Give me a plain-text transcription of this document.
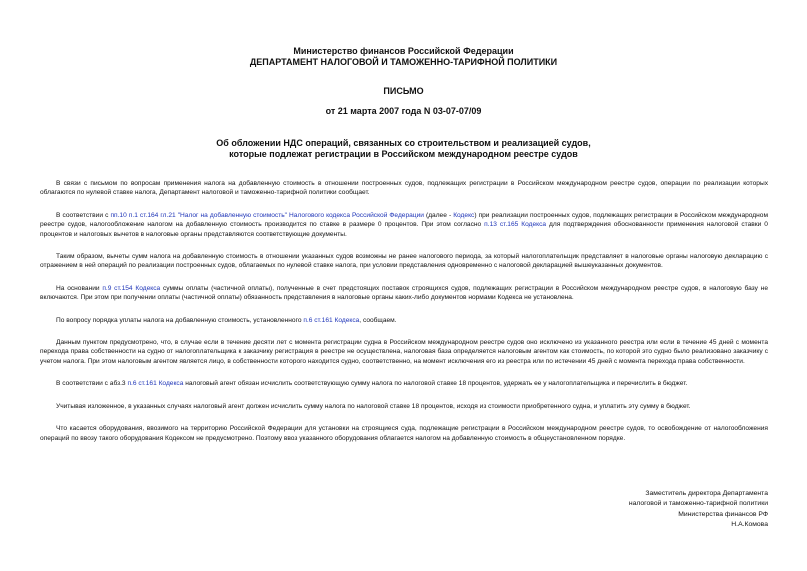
Министерство финансов Российской Федерации
ДЕПАРТАМЕНТ НАЛОГОВОЙ И ТАМОЖЕННО-ТАРИФНОЙ ПОЛИТИКИ
ПИСЬМО
от 21 марта 2007 года N 03-07-07/09
Об обложении НДС операций, связанных со строительством и реализацией судов,
которые подлежат регистрации в Российском международном реестре судов

В связи с письмом по вопросам применения налога на добавленную стоимость в отношении построенных судов, подлежащих регистрации в Российском международном реестре судов, операции по реализации которых облагаются по нулевой ставке налога, Департамент налоговой и таможенно-тарифной политики сообщает.

В соответствии с пп.10 п.1 ст.164 гл.21 "Налог на добавленную стоимость" Налогового кодекса Российской Федерации (далее - Кодекс) при реализации построенных судов, подлежащих регистрации в Российском международном реестре судов, налогообложение налогом на добавленную стоимость производится по ставке в размере 0 процентов. При этом согласно п.13 ст.165 Кодекса для подтверждения обоснованности применения налоговой ставки 0 процентов и налоговых вычетов в налоговые органы представляются соответствующие документы.

Таким образом, вычеты сумм налога на добавленную стоимость в отношении указанных судов возможны не ранее налогового периода, за который налогоплательщик представляет в налоговые органы налоговую декларацию с отражением в ней операций по реализации построенных судов, облагаемых по нулевой ставке налога, при условии представления одновременно с налоговой декларацией вышеуказанных документов.

На основании п.9 ст.154 Кодекса суммы оплаты (частичной оплаты), полученные в счет предстоящих поставок строящихся судов, подлежащих регистрации в Российском международном реестре судов, в налоговую базу не включаются. При этом при получении оплаты (частичной оплаты) обязанность представления в налоговые органы каких-либо документов нормами Кодекса не установлена.

По вопросу порядка уплаты налога на добавленную стоимость, установленного п.6 ст.161 Кодекса, сообщаем.

Данным пунктом предусмотрено, что, в случае если в течение десяти лет с момента регистрации судна в Российском международном реестре судов оно исключено из указанного реестра или если в течение 45 дней с момента перехода права собственности на судно от налогоплательщика к заказчику регистрация в реестре не осуществлена, налоговая база определяется налоговым агентом как стоимость, по которой это судно было реализовано заказчику с учетом налога. При этом налоговым агентом является лицо, в собственности которого находится судно, соответственно, на момент исключения его из реестра или по истечении 45 дней с момента перехода права собственности.

В соответствии с абз.3 п.6 ст.161 Кодекса налоговый агент обязан исчислить соответствующую сумму налога по налоговой ставке 18 процентов, удержать ее у налогоплательщика и перечислить в бюджет.

Учитывая изложенное, в указанных случаях налоговый агент должен исчислить сумму налога по налоговой ставке 18 процентов, исходя из стоимости приобретенного судна, и уплатить эту сумму в бюджет.

Что касается оборудования, ввозимого на территорию Российской Федерации для установки на строящиеся суда, подлежащие регистрации в Российском международном реестре судов, то освобождение от налогообложения операций по ввозу такого оборудования Кодексом не предусмотрено. Поэтому ввоз указанного оборудования облагается налогом на добавленную стоимость в общеустановленном порядке.

Заместитель директора Департамента
налоговой и таможенно-тарифной политики
Министерства финансов РФ
Н.А.Комова
